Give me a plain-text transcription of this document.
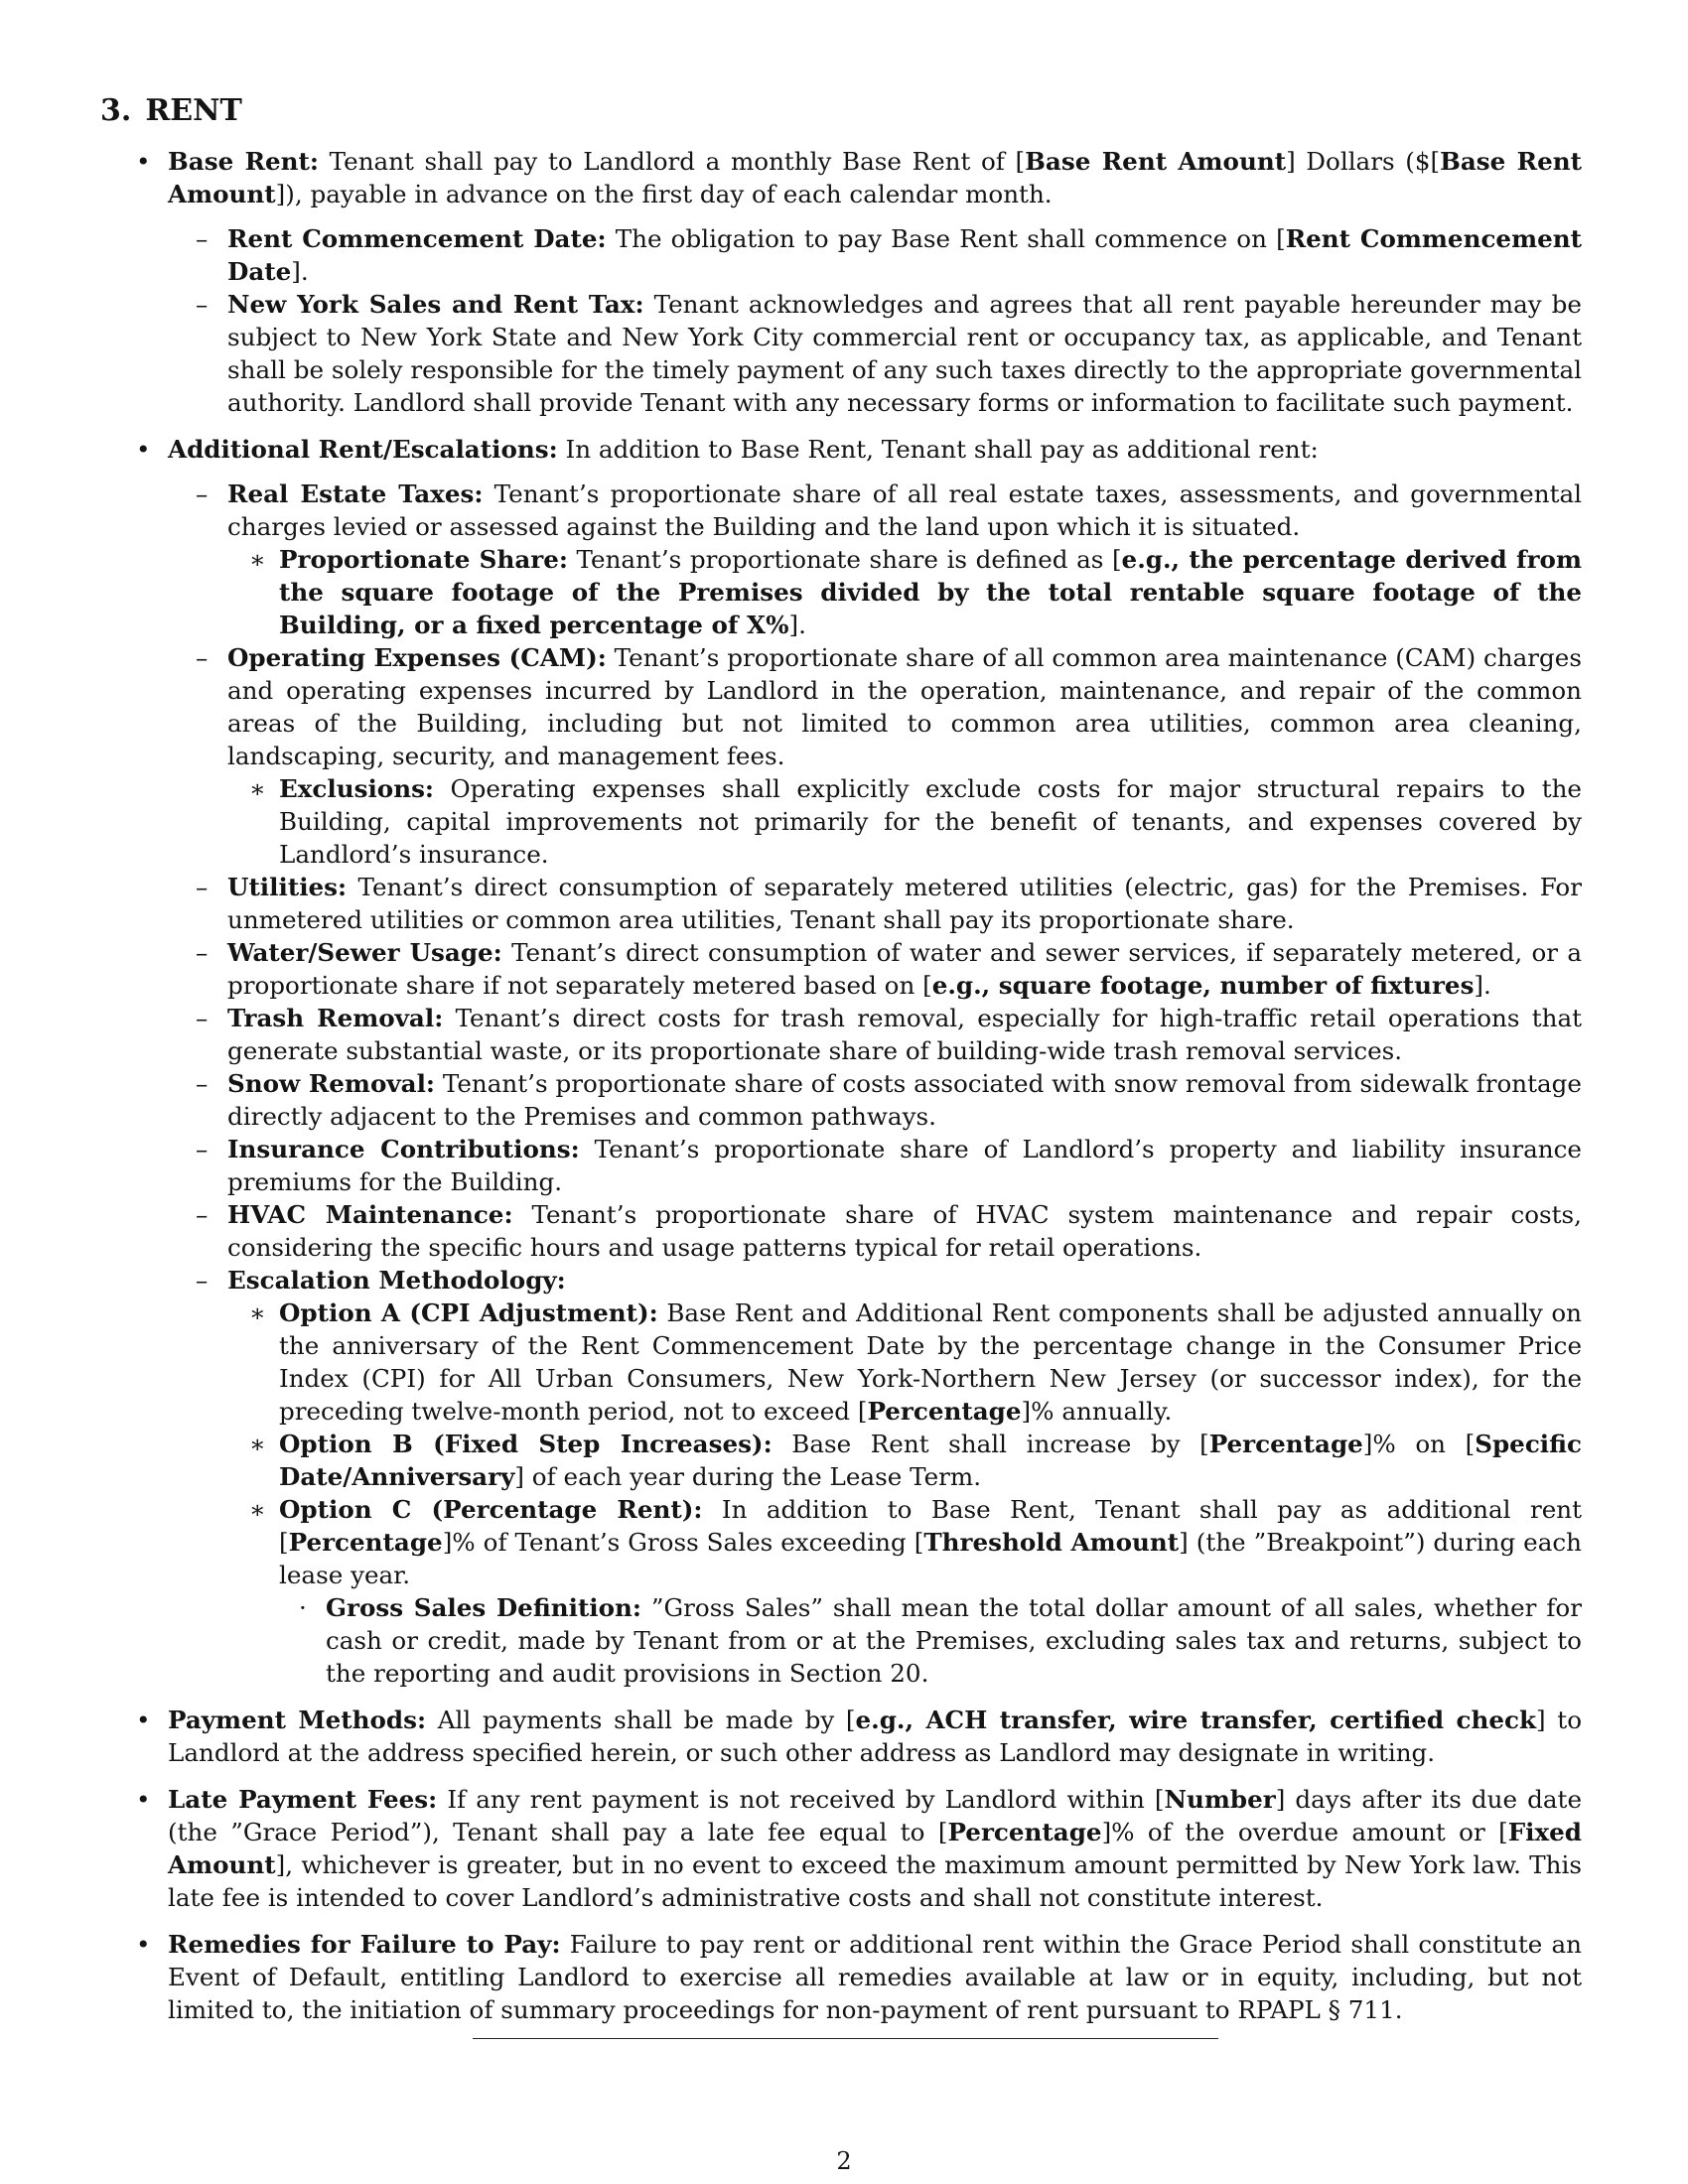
3. RENT
• Base Rent: Tenant shall pay to Landlord a monthly Base Rent of [Base Rent Amount] Dollars ($[Base Rent Amount]), payable in advance on the first day of each calendar month.
– Rent Commencement Date: The obligation to pay Base Rent shall commence on [Rent Commencement Date].
– New York Sales and Rent Tax: Tenant acknowledges and agrees that all rent payable hereunder may be subject to New York State and New York City commercial rent or occupancy tax, as applicable, and Tenant shall be solely responsible for the timely payment of any such taxes directly to the appropriate governmental authority. Landlord shall provide Tenant with any necessary forms or information to facilitate such payment.
• Additional Rent/Escalations: In addition to Base Rent, Tenant shall pay as additional rent:
– Real Estate Taxes: Tenant’s proportionate share of all real estate taxes, assessments, and governmental charges levied or assessed against the Building and the land upon which it is situated.
∗ Proportionate Share: Tenant’s proportionate share is defined as [e.g., the percentage derived from the square footage of the Premises divided by the total rentable square footage of the Building, or a fixed percentage of X%].
– Operating Expenses (CAM): Tenant’s proportionate share of all common area maintenance (CAM) charges and operating expenses incurred by Landlord in the operation, maintenance, and repair of the common areas of the Building, including but not limited to common area utilities, common area cleaning, landscaping, security, and management fees.
∗ Exclusions: Operating expenses shall explicitly exclude costs for major structural repairs to the Building, capital improvements not primarily for the benefit of tenants, and expenses covered by Landlord’s insurance.
– Utilities: Tenant’s direct consumption of separately metered utilities (electric, gas) for the Premises. For unmetered utilities or common area utilities, Tenant shall pay its proportionate share.
– Water/Sewer Usage: Tenant’s direct consumption of water and sewer services, if separately metered, or a proportionate share if not separately metered based on [e.g., square footage, number of fixtures].
– Trash Removal: Tenant’s direct costs for trash removal, especially for high-traffic retail operations that generate substantial waste, or its proportionate share of building-wide trash removal services.
– Snow Removal: Tenant’s proportionate share of costs associated with snow removal from sidewalk frontage directly adjacent to the Premises and common pathways.
– Insurance Contributions: Tenant’s proportionate share of Landlord’s property and liability insurance premiums for the Building.
– HVAC Maintenance: Tenant’s proportionate share of HVAC system maintenance and repair costs, considering the specific hours and usage patterns typical for retail operations.
– Escalation Methodology:
∗ Option A (CPI Adjustment): Base Rent and Additional Rent components shall be adjusted annually on the anniversary of the Rent Commencement Date by the percentage change in the Consumer Price Index (CPI) for All Urban Consumers, New York-Northern New Jersey (or successor index), for the preceding twelve-month period, not to exceed [Percentage]% annually.
∗ Option B (Fixed Step Increases): Base Rent shall increase by [Percentage]% on [Specific Date/Anniversary] of each year during the Lease Term.
∗ Option C (Percentage Rent): In addition to Base Rent, Tenant shall pay as additional rent [Percentage]% of Tenant’s Gross Sales exceeding [Threshold Amount] (the ”Breakpoint”) during each lease year.
· Gross Sales Definition: ”Gross Sales” shall mean the total dollar amount of all sales, whether for cash or credit, made by Tenant from or at the Premises, excluding sales tax and returns, subject to the reporting and audit provisions in Section 20.
• Payment Methods: All payments shall be made by [e.g., ACH transfer, wire transfer, certified check] to Landlord at the address specified herein, or such other address as Landlord may designate in writing.
• Late Payment Fees: If any rent payment is not received by Landlord within [Number] days after its due date (the ”Grace Period”), Tenant shall pay a late fee equal to [Percentage]% of the overdue amount or [Fixed Amount], whichever is greater, but in no event to exceed the maximum amount permitted by New York law. This late fee is intended to cover Landlord’s administrative costs and shall not constitute interest.
• Remedies for Failure to Pay: Failure to pay rent or additional rent within the Grace Period shall constitute an Event of Default, entitling Landlord to exercise all remedies available at law or in equity, including, but not limited to, the initiation of summary proceedings for non-payment of rent pursuant to RPAPL § 711.
2
